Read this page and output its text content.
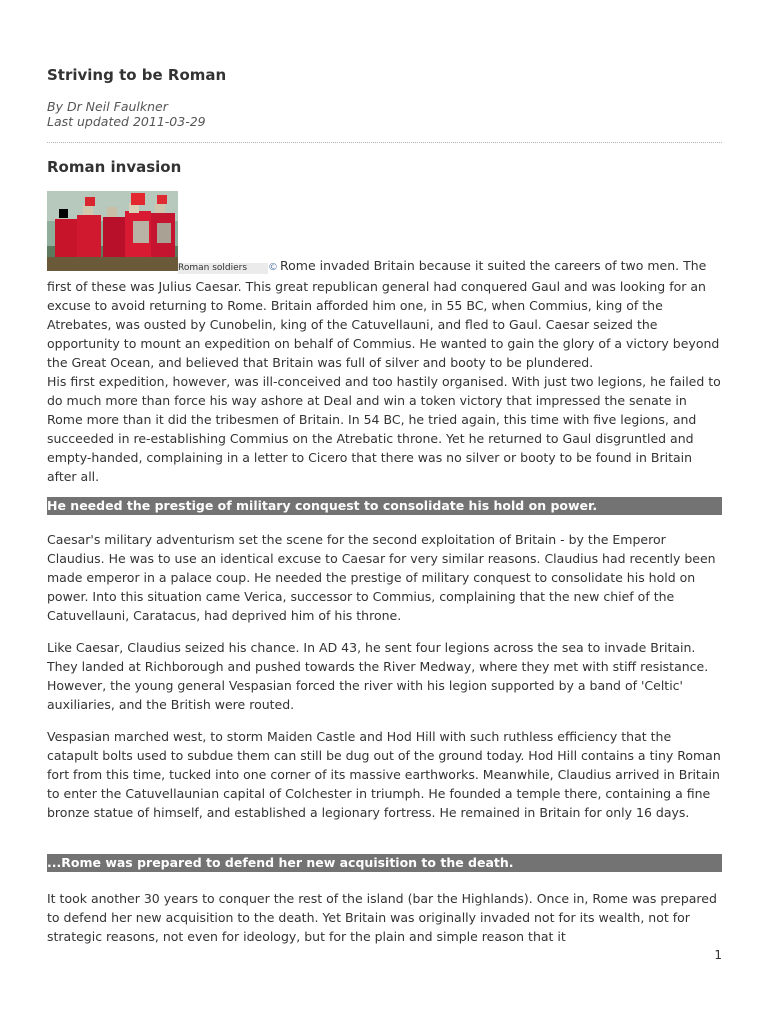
Striving to be Roman
By Dr Neil Faulkner
Last updated 2011-03-29
Roman invasion

Roman soldiers © Rome invaded Britain because it suited the careers of two men. The first of these was Julius Caesar. This great republican general had conquered Gaul and was looking for an excuse to avoid returning to Rome. Britain afforded him one, in 55 BC, when Commius, king of the Atrebates, was ousted by Cunobelin, king of the Catuvellauni, and fled to Gaul. Caesar seized the opportunity to mount an expedition on behalf of Commius. He wanted to gain the glory of a victory beyond the Great Ocean, and believed that Britain was full of silver and booty to be plundered.

His first expedition, however, was ill-conceived and too hastily organised. With just two legions, he failed to do much more than force his way ashore at Deal and win a token victory that impressed the senate in Rome more than it did the tribesmen of Britain. In 54 BC, he tried again, this time with five legions, and succeeded in re-establishing Commius on the Atrebatic throne. Yet he returned to Gaul disgruntled and empty-handed, complaining in a letter to Cicero that there was no silver or booty to be found in Britain after all.

He needed the prestige of military conquest to consolidate his hold on power.

Caesar's military adventurism set the scene for the second exploitation of Britain - by the Emperor Claudius. He was to use an identical excuse to Caesar for very similar reasons. Claudius had recently been made emperor in a palace coup. He needed the prestige of military conquest to consolidate his hold on power. Into this situation came Verica, successor to Commius, complaining that the new chief of the Catuvellauni, Caratacus, had deprived him of his throne.

Like Caesar, Claudius seized his chance. In AD 43, he sent four legions across the sea to invade Britain. They landed at Richborough and pushed towards the River Medway, where they met with stiff resistance. However, the young general Vespasian forced the river with his legion supported by a band of 'Celtic' auxiliaries, and the British were routed.

Vespasian marched west, to storm Maiden Castle and Hod Hill with such ruthless efficiency that the catapult bolts used to subdue them can still be dug out of the ground today. Hod Hill contains a tiny Roman fort from this time, tucked into one corner of its massive earthworks. Meanwhile, Claudius arrived in Britain to enter the Catuvellaunian capital of Colchester in triumph. He founded a temple there, containing a fine bronze statue of himself, and established a legionary fortress. He remained in Britain for only 16 days.

...Rome was prepared to defend her new acquisition to the death.

It took another 30 years to conquer the rest of the island (bar the Highlands). Once in, Rome was prepared to defend her new acquisition to the death. Yet Britain was originally invaded not for its wealth, not for strategic reasons, not even for ideology, but for the plain and simple reason that it

1
